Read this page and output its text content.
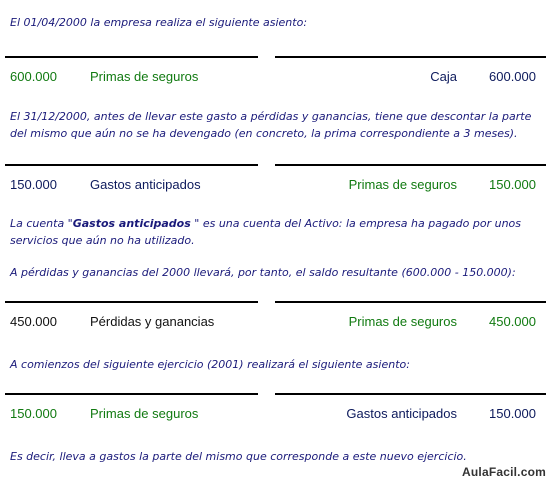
El 01/04/2000 la empresa realiza el siguiente asiento:

600.000	Primas de seguros	Caja 600.000

El 31/12/2000, antes de llevar este gasto a pérdidas y ganancias, tiene que descontar la parte del mismo que aún no se ha devengado (en concreto, la prima correspondiente a 3 meses).

150.000	Gastos anticipados	Primas de seguros 150.000

La cuenta "Gastos anticipados " es una cuenta del Activo: la empresa ha pagado por unos servicios que aún no ha utilizado.

A pérdidas y ganancias del 2000 llevará, por tanto, el saldo resultante (600.000 - 150.000):

450.000	Pérdidas y ganancias	Primas de seguros 450.000

A comienzos del siguiente ejercicio (2001) realizará el siguiente asiento:

150.000	Primas de seguros	Gastos anticipados 150.000

Es decir, lleva a gastos la parte del mismo que corresponde a este nuevo ejercicio.

AulaFacil.com
